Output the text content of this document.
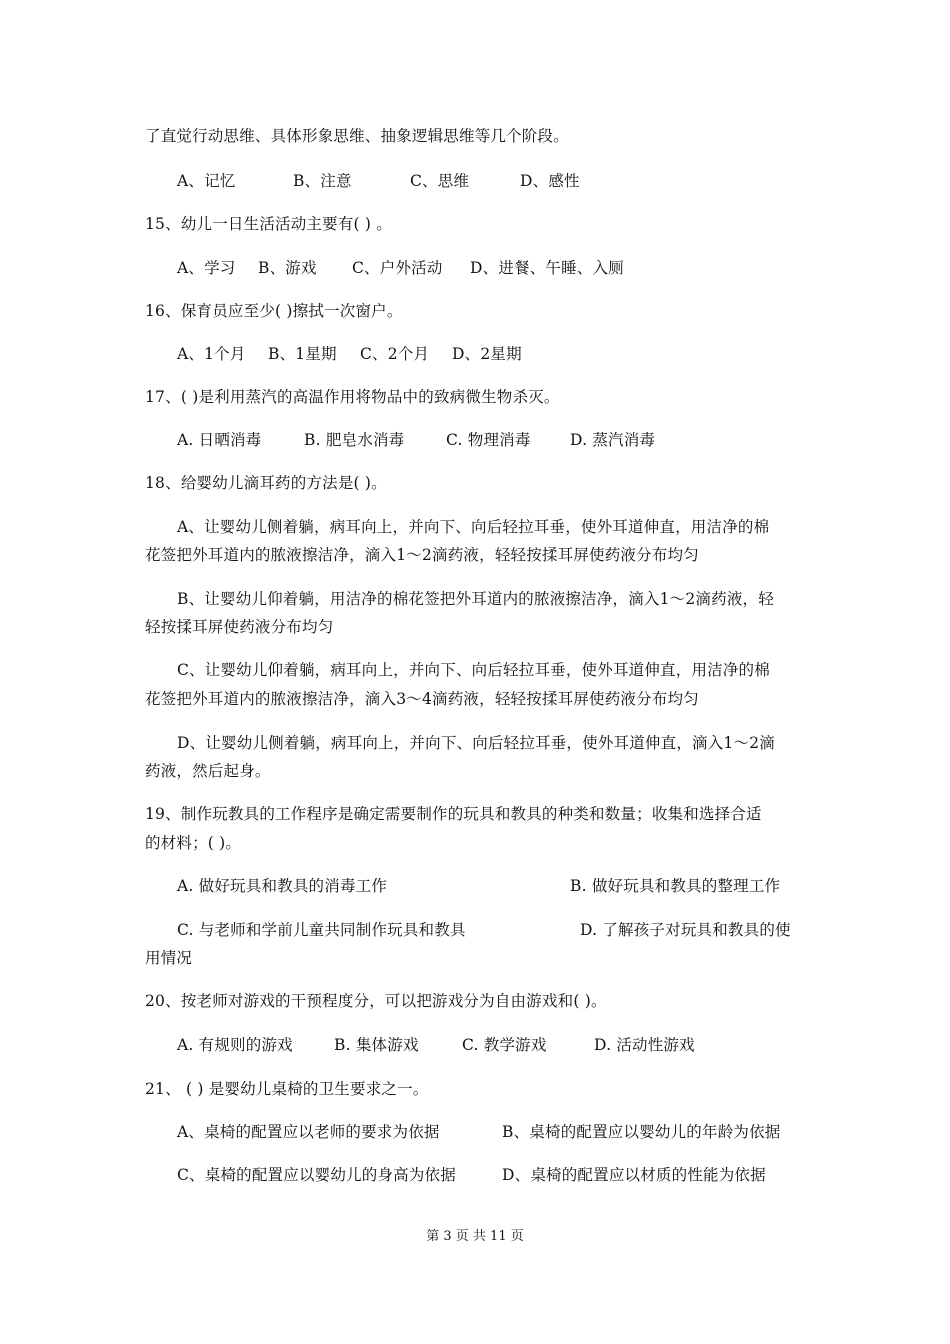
了直觉行动思维、具体形象思维、抽象逻辑思维等几个阶段。
A、记忆	B、注意	C、思维	D、感性
15、幼儿一日生活活动主要有( ) 。
A、学习 B、游戏 C、户外活动 D、进餐、午睡、入厕
16、保育员应至少( )擦拭一次窗户。
A、1个月 B、1星期 C、2个月 D、2星期
17、( )是利用蒸汽的高温作用将物品中的致病微生物杀灭。
A. 日晒消毒	B. 肥皂水消毒	C. 物理消毒	D. 蒸汽消毒
18、给婴幼儿滴耳药的方法是( )。
A、让婴幼儿侧着躺，病耳向上，并向下、向后轻拉耳垂，使外耳道伸直，用洁净的棉
花签把外耳道内的脓液擦洁净，滴入1～2滴药液，轻轻按揉耳屏使药液分布均匀
B、让婴幼儿仰着躺，用洁净的棉花签把外耳道内的脓液擦洁净，滴入1～2滴药液，轻
轻按揉耳屏使药液分布均匀
C、让婴幼儿仰着躺，病耳向上，并向下、向后轻拉耳垂，使外耳道伸直，用洁净的棉
花签把外耳道内的脓液擦洁净，滴入3～4滴药液，轻轻按揉耳屏使药液分布均匀
D、让婴幼儿侧着躺，病耳向上，并向下、向后轻拉耳垂，使外耳道伸直，滴入1～2滴
药液，然后起身。
19、制作玩教具的工作程序是确定需要制作的玩具和教具的种类和数量；收集和选择合适
的材料；( )。
A. 做好玩具和教具的消毒工作	B. 做好玩具和教具的整理工作
C. 与老师和学前儿童共同制作玩具和教具	D. 了解孩子对玩具和教具的使
用情况
20、按老师对游戏的干预程度分，可以把游戏分为自由游戏和( )。
A. 有规则的游戏	B. 集体游戏	C. 教学游戏	D. 活动性游戏
21、 ( ) 是婴幼儿桌椅的卫生要求之一。
A、桌椅的配置应以老师的要求为依据	B、桌椅的配置应以婴幼儿的年龄为依据
C、桌椅的配置应以婴幼儿的身高为依据	D、桌椅的配置应以材质的性能为依据
第 3 页 共 11 页
